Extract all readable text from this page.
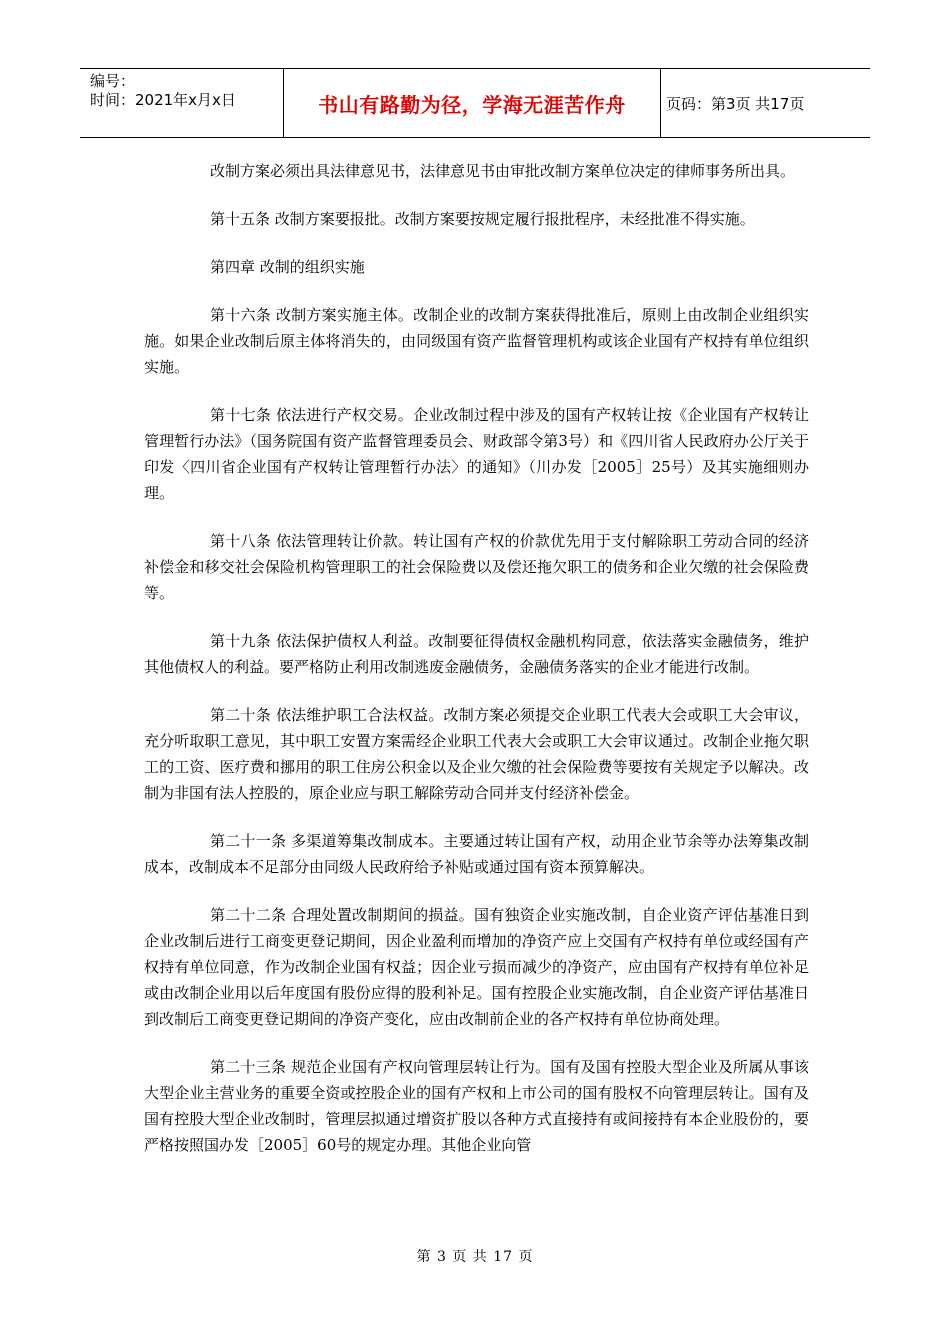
编号：
时间：2021年x月x日	书山有路勤为径，学海无涯苦作舟	页码：第3页 共17页

改制方案必须出具法律意见书，法律意见书由审批改制方案单位决定的律师事务所出具。

第十五条 改制方案要报批。改制方案要按规定履行报批程序，未经批准不得实施。

第四章 改制的组织实施

第十六条 改制方案实施主体。改制企业的改制方案获得批准后，原则上由改制企业组织实施。如果企业改制后原主体将消失的，由同级国有资产监督管理机构或该企业国有产权持有单位组织实施。

第十七条 依法进行产权交易。企业改制过程中涉及的国有产权转让按《企业国有产权转让管理暂行办法》（国务院国有资产监督管理委员会、财政部令第3号）和《四川省人民政府办公厅关于印发〈四川省企业国有产权转让管理暂行办法〉的通知》（川办发［2005］25号）及其实施细则办理。

第十八条 依法管理转让价款。转让国有产权的价款优先用于支付解除职工劳动合同的经济补偿金和移交社会保险机构管理职工的社会保险费以及偿还拖欠职工的债务和企业欠缴的社会保险费等。

第十九条 依法保护债权人利益。改制要征得债权金融机构同意，依法落实金融债务，维护其他债权人的利益。要严格防止利用改制逃废金融债务，金融债务落实的企业才能进行改制。

第二十条 依法维护职工合法权益。改制方案必须提交企业职工代表大会或职工大会审议，充分听取职工意见，其中职工安置方案需经企业职工代表大会或职工大会审议通过。改制企业拖欠职工的工资、医疗费和挪用的职工住房公积金以及企业欠缴的社会保险费等要按有关规定予以解决。改制为非国有法人控股的，原企业应与职工解除劳动合同并支付经济补偿金。

第二十一条 多渠道筹集改制成本。主要通过转让国有产权，动用企业节余等办法筹集改制成本，改制成本不足部分由同级人民政府给予补贴或通过国有资本预算解决。

第二十二条 合理处置改制期间的损益。国有独资企业实施改制，自企业资产评估基准日到企业改制后进行工商变更登记期间，因企业盈利而增加的净资产应上交国有产权持有单位或经国有产权持有单位同意，作为改制企业国有权益；因企业亏损而减少的净资产，应由国有产权持有单位补足或由改制企业用以后年度国有股份应得的股利补足。国有控股企业实施改制，自企业资产评估基准日到改制后工商变更登记期间的净资产变化，应由改制前企业的各产权持有单位协商处理。

第二十三条 规范企业国有产权向管理层转让行为。国有及国有控股大型企业及所属从事该大型企业主营业务的重要全资或控股企业的国有产权和上市公司的国有股权不向管理层转让。国有及国有控股大型企业改制时，管理层拟通过增资扩股以各种方式直接持有或间接持有本企业股份的，要严格按照国办发［2005］60号的规定办理。其他企业向管

第 3 页 共 17 页
